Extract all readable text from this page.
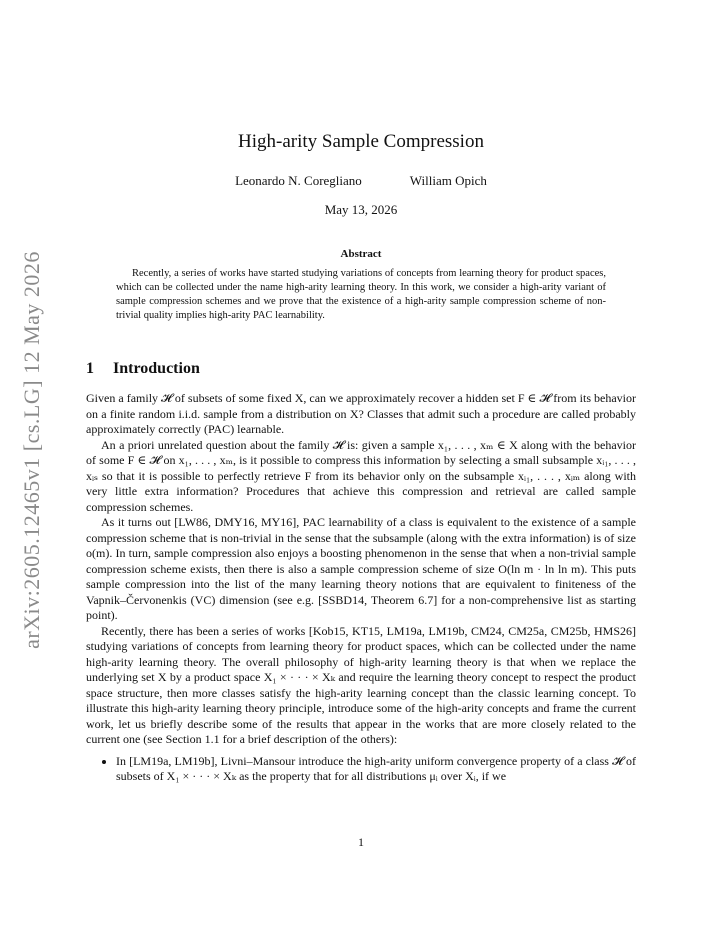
arXiv:2605.12465v1 [cs.LG] 12 May 2026
High-arity Sample Compression
Leonardo N. Coregliano	William Opich
May 13, 2026
Abstract

Recently, a series of works have started studying variations of concepts from learning theory for product spaces, which can be collected under the name high-arity learning theory. In this work, we consider a high-arity variant of sample compression schemes and we prove that the existence of a high-arity sample compression scheme of non-trivial quality implies high-arity PAC learnability.

1 Introduction

Given a family 𝓗 of subsets of some fixed X, can we approximately recover a hidden set F ∈ 𝓗 from its behavior on a finite random i.i.d. sample from a distribution on X? Classes that admit such a procedure are called probably approximately correctly (PAC) learnable.

An a priori unrelated question about the family 𝓗 is: given a sample x₁, . . . , xₘ ∈ X along with the behavior of some F ∈ 𝓗 on x₁, . . . , xₘ, is it possible to compress this information by selecting a small subsample xᵢ₁, . . . , xᵢₛ so that it is possible to perfectly retrieve F from its behavior only on the subsample xᵢ₁, . . . , xᵢₘ along with very little extra information? Procedures that achieve this compression and retrieval are called sample compression schemes.

As it turns out [LW86, DMY16, MY16], PAC learnability of a class is equivalent to the existence of a sample compression scheme that is non-trivial in the sense that the subsample (along with the extra information) is of size o(m). In turn, sample compression also enjoys a boosting phenomenon in the sense that when a non-trivial sample compression scheme exists, then there is also a sample compression scheme of size O(ln m · ln ln m). This puts sample compression into the list of the many learning theory notions that are equivalent to finiteness of the Vapnik–Červonenkis (VC) dimension (see e.g. [SSBD14, Theorem 6.7] for a non-comprehensive list as starting point).

Recently, there has been a series of works [Kob15, KT15, LM19a, LM19b, CM24, CM25a, CM25b, HMS26] studying variations of concepts from learning theory for product spaces, which can be collected under the name high-arity learning theory. The overall philosophy of high-arity learning theory is that when we replace the underlying set X by a product space X₁ × · · · × Xₖ and require the learning theory concept to respect the product space structure, then more classes satisfy the high-arity learning concept than the classic learning concept. To illustrate this high-arity learning theory principle, introduce some of the high-arity concepts and frame the current work, let us briefly describe some of the results that appear in the works that are more closely related to the current one (see Section 1.1 for a brief description of the others):

• In [LM19a, LM19b], Livni–Mansour introduce the high-arity uniform convergence property of a class 𝓗 of subsets of X₁ × · · · × Xₖ as the property that for all distributions μᵢ over Xᵢ, if we
1
